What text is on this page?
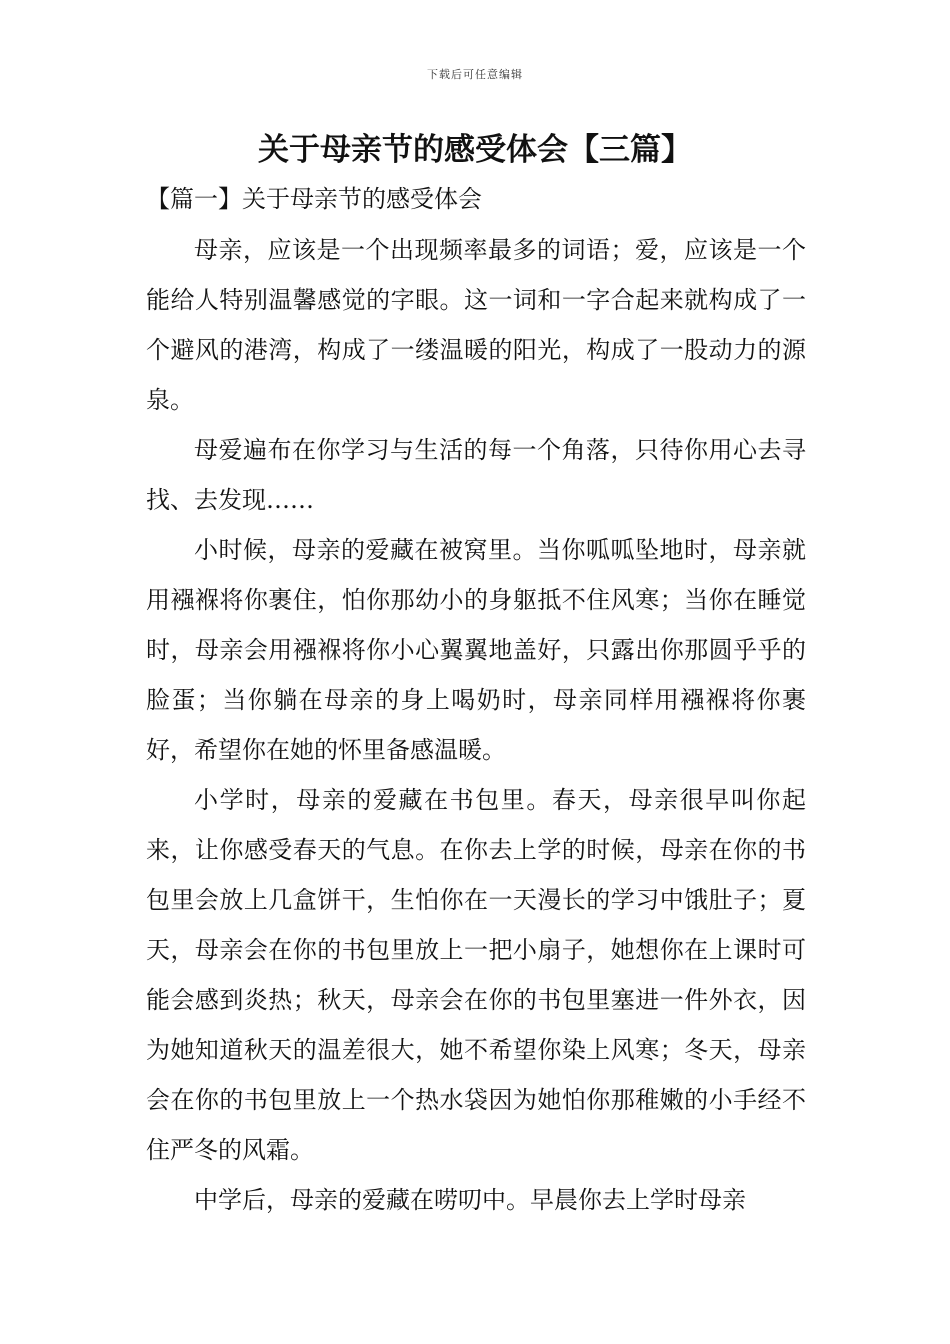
下载后可任意编辑
关于母亲节的感受体会【三篇】
【篇一】关于母亲节的感受体会

母亲，应该是一个出现频率最多的词语；爱，应该是一个能给人特别温馨感觉的字眼。这一词和一字合起来就构成了一个避风的港湾，构成了一缕温暖的阳光，构成了一股动力的源泉。

母爱遍布在你学习与生活的每一个角落，只待你用心去寻找、去发现……

小时候，母亲的爱藏在被窝里。当你呱呱坠地时，母亲就用襁褓将你裹住，怕你那幼小的身躯抵不住风寒；当你在睡觉时，母亲会用襁褓将你小心翼翼地盖好，只露出你那圆乎乎的脸蛋；当你躺在母亲的身上喝奶时，母亲同样用襁褓将你裹好，希望你在她的怀里备感温暖。

小学时，母亲的爱藏在书包里。春天，母亲很早叫你起来，让你感受春天的气息。在你去上学的时候，母亲在你的书包里会放上几盒饼干，生怕你在一天漫长的学习中饿肚子；夏天，母亲会在你的书包里放上一把小扇子，她想你在上课时可能会感到炎热；秋天，母亲会在你的书包里塞进一件外衣，因为她知道秋天的温差很大，她不希望你染上风寒；冬天，母亲会在你的书包里放上一个热水袋因为她怕你那稚嫩的小手经不住严冬的风霜。

中学后，母亲的爱藏在唠叨中。早晨你去上学时母亲
